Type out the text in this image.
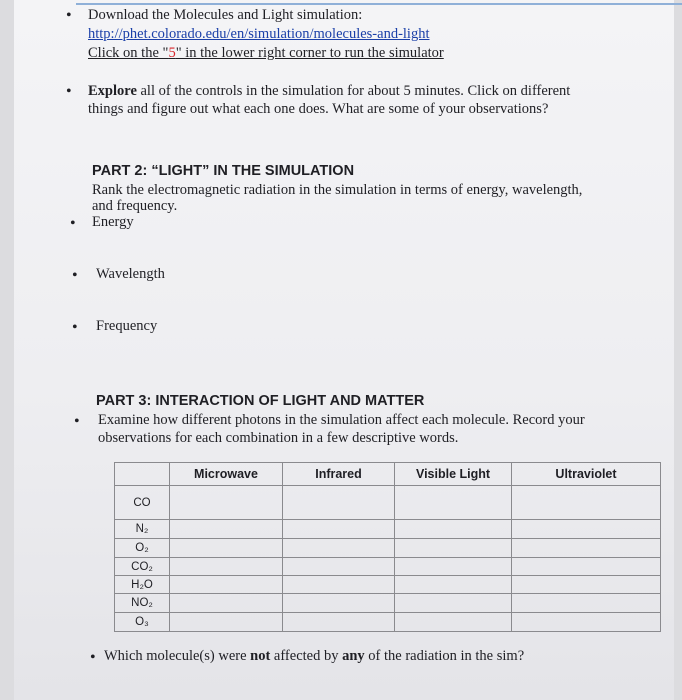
• Download the Molecules and Light simulation:
http://phet.colorado.edu/en/simulation/molecules-and-light
Click on the "5" in the lower right corner to run the simulator
• Explore all of the controls in the simulation for about 5 minutes. Click on different
things and figure out what each one does. What are some of your observations?
PART 2: “LIGHT” IN THE SIMULATION
Rank the electromagnetic radiation in the simulation in terms of energy, wavelength,
and frequency.
• Energy
• Wavelength
• Frequency
PART 3: INTERACTION OF LIGHT AND MATTER
• Examine how different photons in the simulation affect each molecule. Record your
observations for each combination in a few descriptive words.
	Microwave	Infrared	Visible Light	Ultraviolet
CO				
N₂				
O₂				
CO₂				
H₂O				
NO₂				
O₃				
• Which molecule(s) were not affected by any of the radiation in the sim?
